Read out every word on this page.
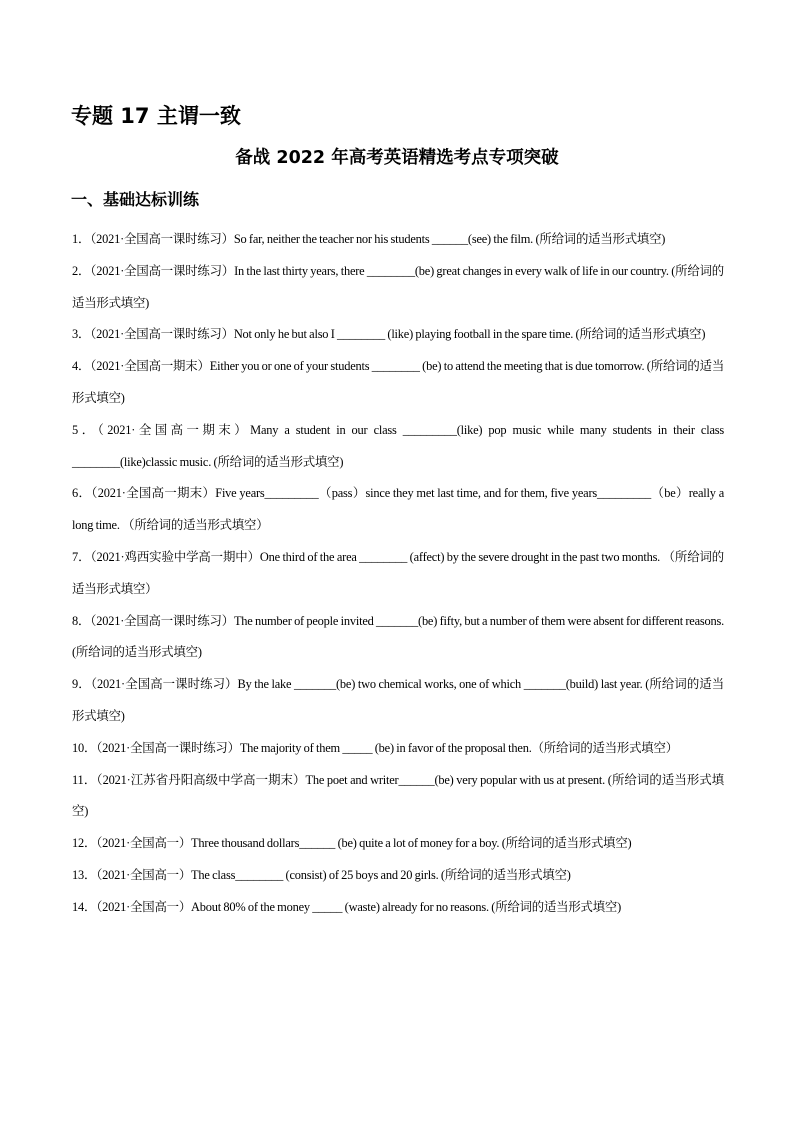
专题 17 主谓一致
备战 2022 年高考英语精选考点专项突破
一、基础达标训练
1．（2021·全国高一课时练习）So far, neither the teacher nor his students ______(see) the film. (所给词的适当形式填空)
2．（2021·全国高一课时练习）In the last thirty years, there ________(be) great changes in every walk of life in our country. (所给词的适当形式填空)
3．（2021·全国高一课时练习）Not only he but also I ________ (like) playing football in the spare time. (所给词的适当形式填空)
4．（2021·全国高一期末）Either you or one of your students ________ (be) to attend the meeting that is due tomorrow. (所给词的适当形式填空)
5．（2021·全国高一期末）Many a student in our class _________(like) pop music while many students in their class ________(like)classic music. (所给词的适当形式填空)
6．（2021·全国高一期末）Five years_________（pass）since they met last time, and for them, five years_________（be）really a long time. （所给词的适当形式填空）
7．（2021·鸡西实验中学高一期中）One third of the area ________ (affect) by the severe drought in the past two months. （所给词的适当形式填空）
8．（2021·全国高一课时练习）The number of people invited _______(be) fifty, but a number of them were absent for different reasons. (所给词的适当形式填空)
9．（2021·全国高一课时练习）By the lake _______(be) two chemical works, one of which _______(build) last year. (所给词的适当形式填空)
10．（2021·全国高一课时练习）The majority of them _____ (be) in favor of the proposal then.（所给词的适当形式填空）
11．（2021·江苏省丹阳高级中学高一期末）The poet and writer______(be) very popular with us at present. (所给词的适当形式填空)
12．（2021·全国高一）Three thousand dollars______ (be) quite a lot of money for a boy. (所给词的适当形式填空)
13．（2021·全国高一）The class________ (consist) of 25 boys and 20 girls. (所给词的适当形式填空)
14．（2021·全国高一）About 80% of the money _____ (waste) already for no reasons. (所给词的适当形式填空)
